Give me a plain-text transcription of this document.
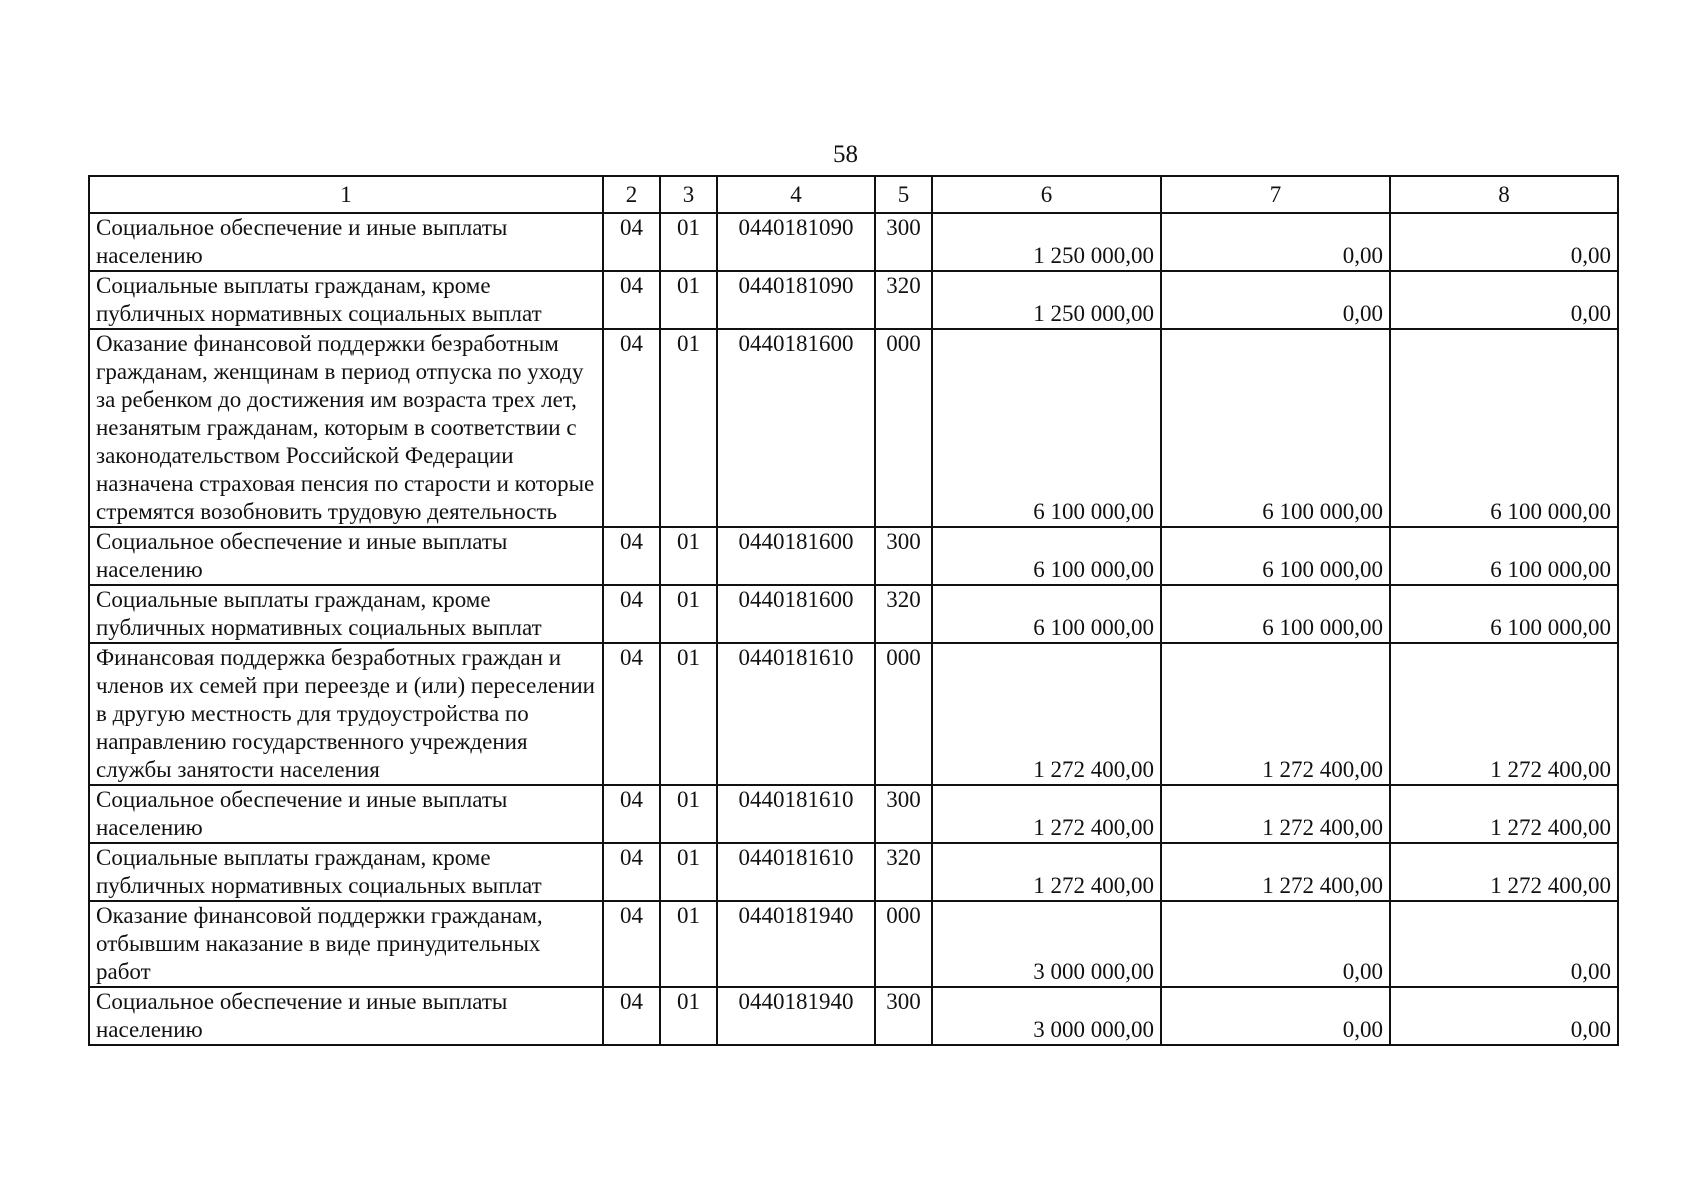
58
1	2	3	4	5	6	7	8
Социальное обеспечение и иные выплаты населению	04	01	0440181090	300	1 250 000,00	0,00	0,00
Социальные выплаты гражданам, кроме публичных нормативных социальных выплат	04	01	0440181090	320	1 250 000,00	0,00	0,00
Оказание финансовой поддержки безработным гражданам, женщинам в период отпуска по уходу за ребенком до достижения им возраста трех лет, незанятым гражданам, которым в соответствии с законодательством Российской Федерации назначена страховая пенсия по старости и которые стремятся возобновить трудовую деятельность	04	01	0440181600	000	6 100 000,00	6 100 000,00	6 100 000,00
Социальное обеспечение и иные выплаты населению	04	01	0440181600	300	6 100 000,00	6 100 000,00	6 100 000,00
Социальные выплаты гражданам, кроме публичных нормативных социальных выплат	04	01	0440181600	320	6 100 000,00	6 100 000,00	6 100 000,00
Финансовая поддержка безработных граждан и членов их семей при переезде и (или) переселении в другую местность для трудоустройства по направлению государственного учреждения службы занятости населения	04	01	0440181610	000	1 272 400,00	1 272 400,00	1 272 400,00
Социальное обеспечение и иные выплаты населению	04	01	0440181610	300	1 272 400,00	1 272 400,00	1 272 400,00
Социальные выплаты гражданам, кроме публичных нормативных социальных выплат	04	01	0440181610	320	1 272 400,00	1 272 400,00	1 272 400,00
Оказание финансовой поддержки гражданам, отбывшим наказание в виде принудительных работ	04	01	0440181940	000	3 000 000,00	0,00	0,00
Социальное обеспечение и иные выплаты населению	04	01	0440181940	300	3 000 000,00	0,00	0,00
